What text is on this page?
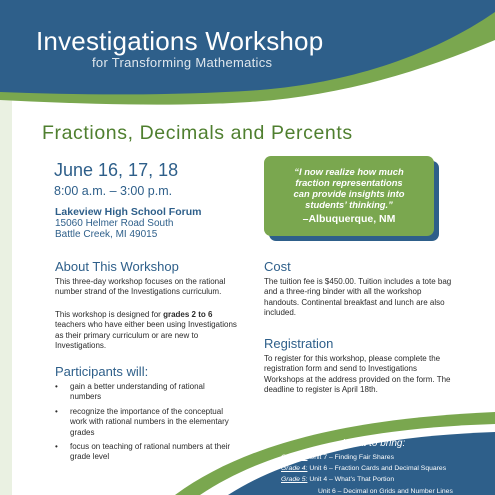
Investigations Workshop
for Transforming Mathematics
Fractions, Decimals and Percents
June 16, 17, 18
8:00 a.m. – 3:00 p.m.
Lakeview High School Forum
15060 Helmer Road South
Battle Creek, MI 49015
“I now realize how much
fraction representations
can provide insights into
students’ thinking.”
–Albuquerque, NM
About This Workshop
This three-day workshop focuses on the rational number strand of the Investigations curriculum.
This workshop is designed for grades 2 to 6 teachers who have either been using Investigations as their primary curriculum or are new to Investigations.
Cost
The tuition fee is $450.00. Tuition includes a tote bag and a three-ring binder with all the workshop handouts. Continental breakfast and lunch are also included.
Registration
To register for this workshop, please complete the registration form and send to Investigations Workshops at the address provided on the form. The deadline to register is April 18th.
Participants will:
• gain a better understanding of rational numbers
• recognize the importance of the conceptual work with rational numbers in the elementary grades
• focus on teaching of rational numbers at their grade level
What to bring:
Grade 3: Unit 7 – Finding Fair Shares
Grade 4: Unit 6 – Fraction Cards and Decimal Squares
Grade 5: Unit 4 – What’s That Portion
Unit 6 – Decimal on Grids and Number Lines
